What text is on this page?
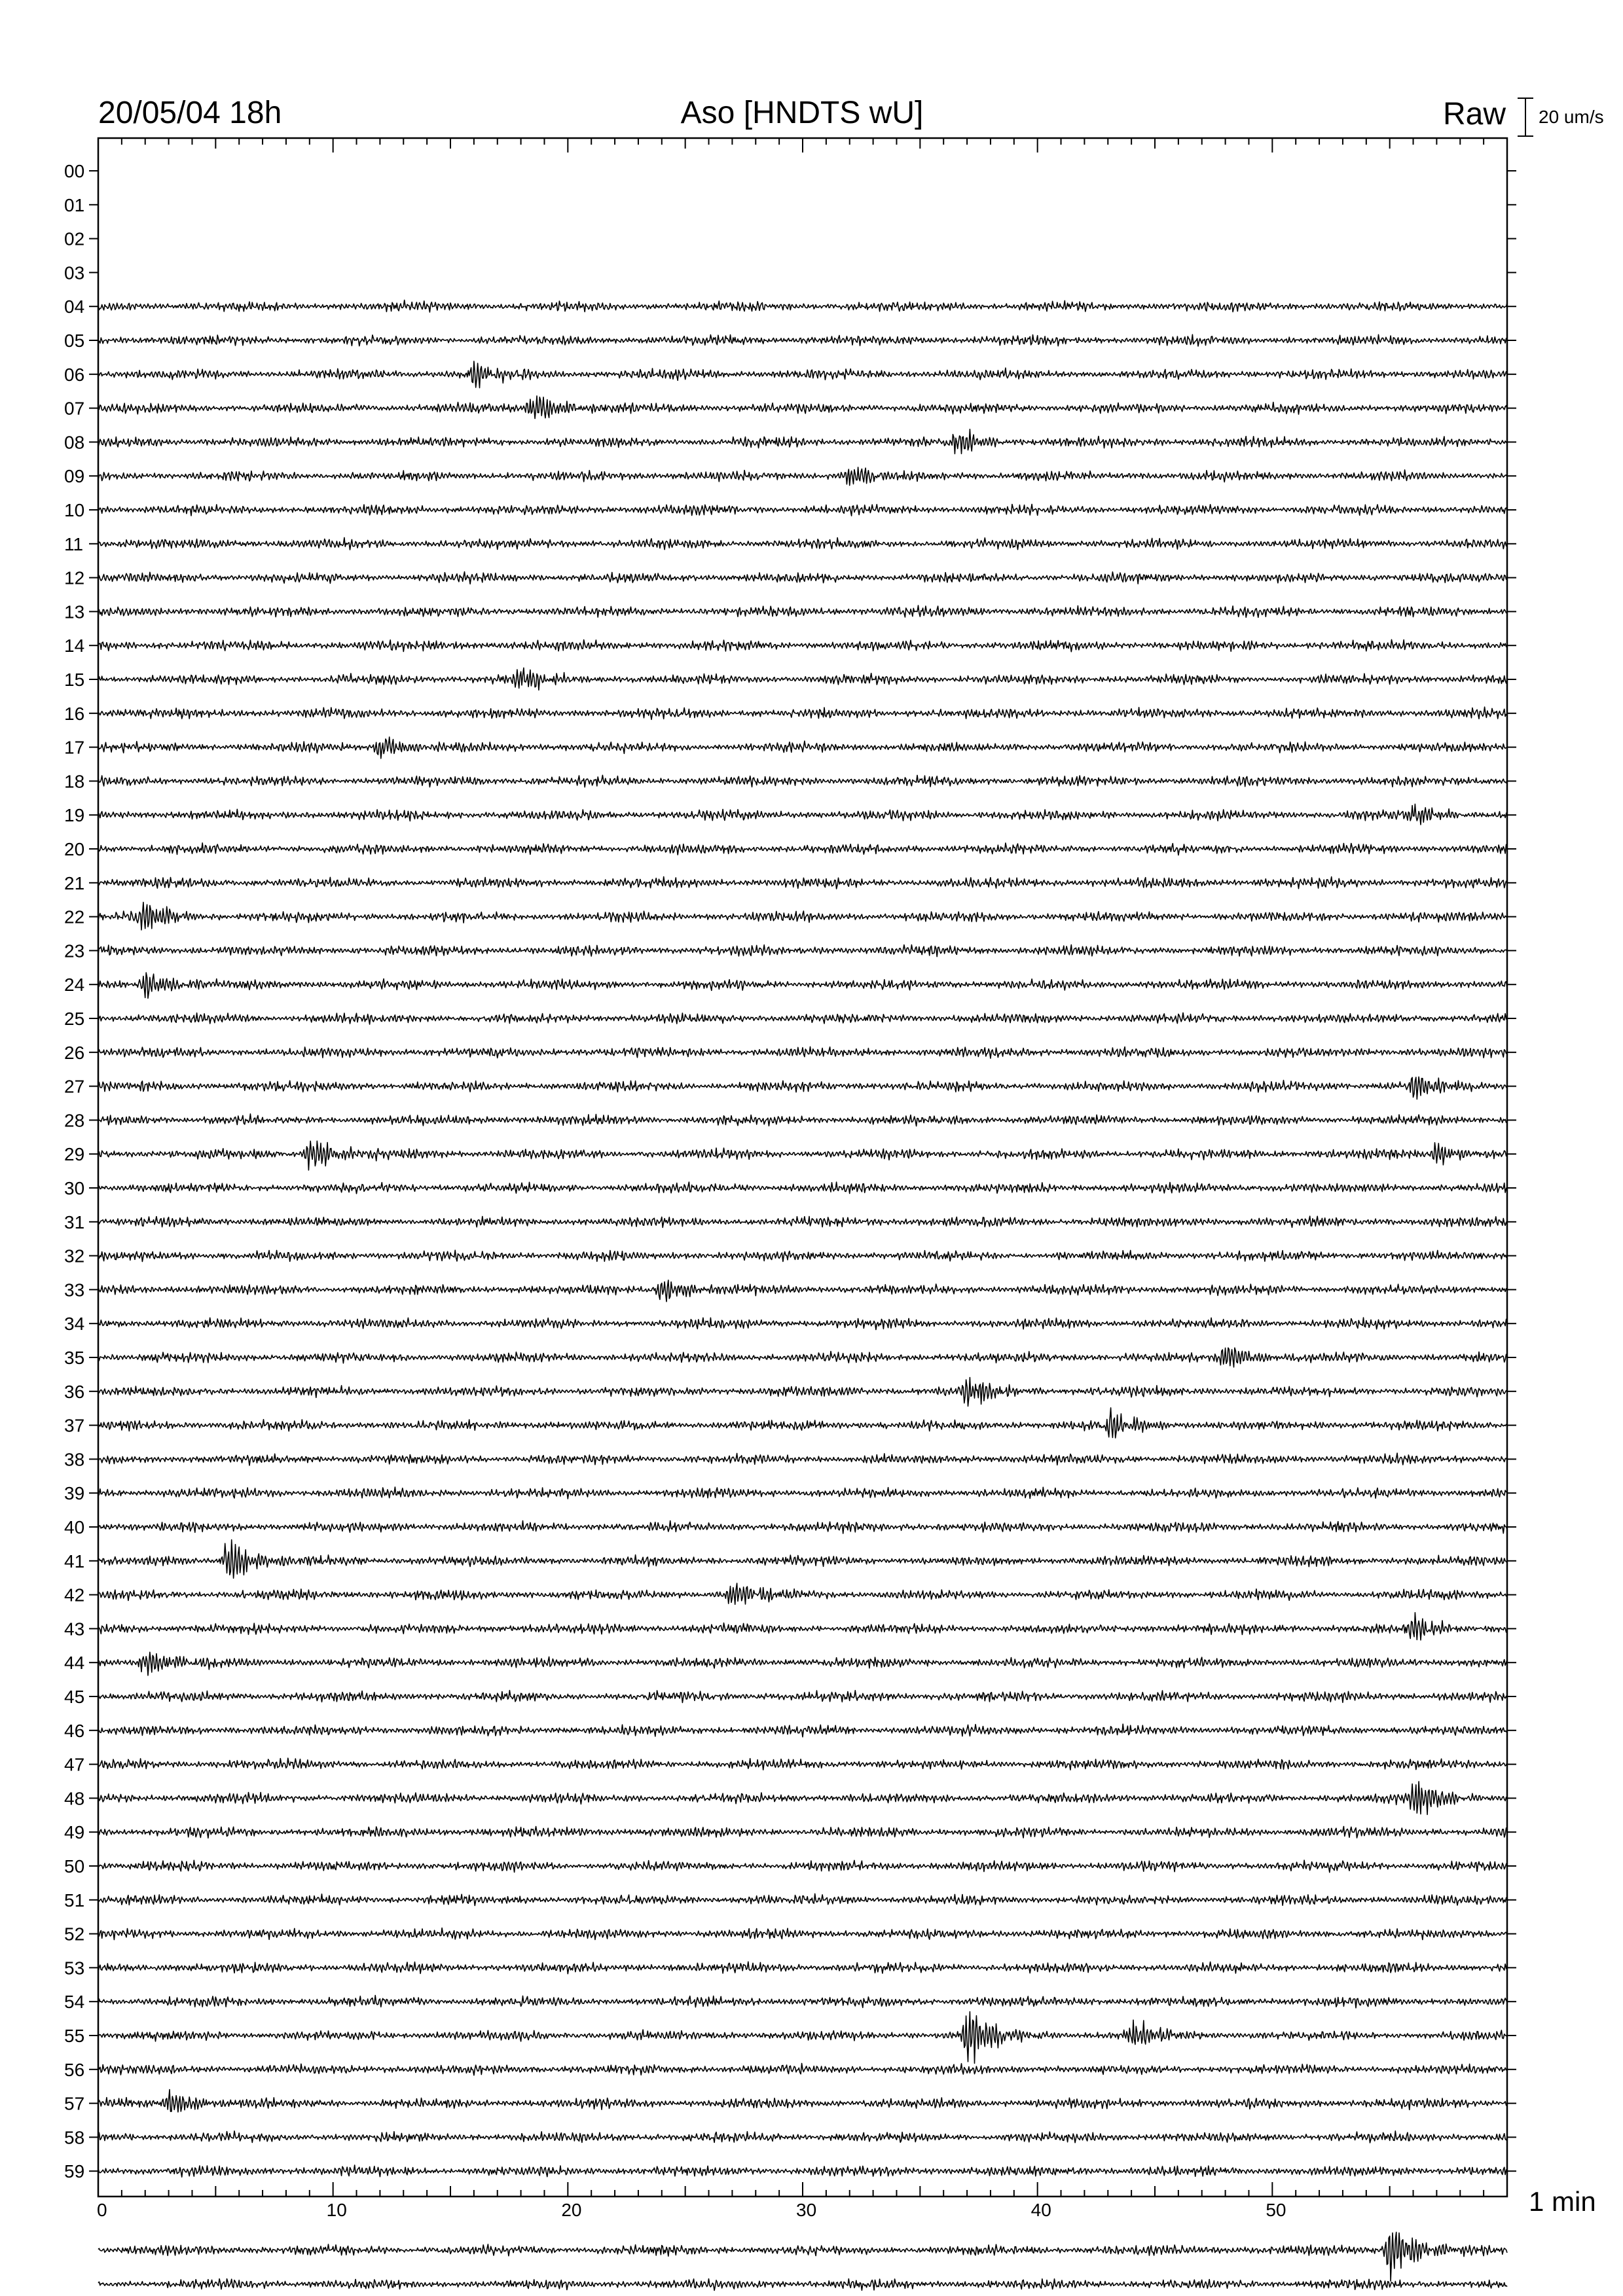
20/05/04 18h	Aso [HNDTS wU]	Raw 20 um/s
0	10	20	30	40	50
00
01
02
03
04
05
06
07
08
09
10
11
12
13
14
15
16
17
18
19
20
21
22
23
24
25
26
27
28
29
30
31
32
33
34
35
36
37
38
39
40
41
42
43
44
45
46
47
48
49
50
51
52
53
54
55
56
57
58
59
1 min
